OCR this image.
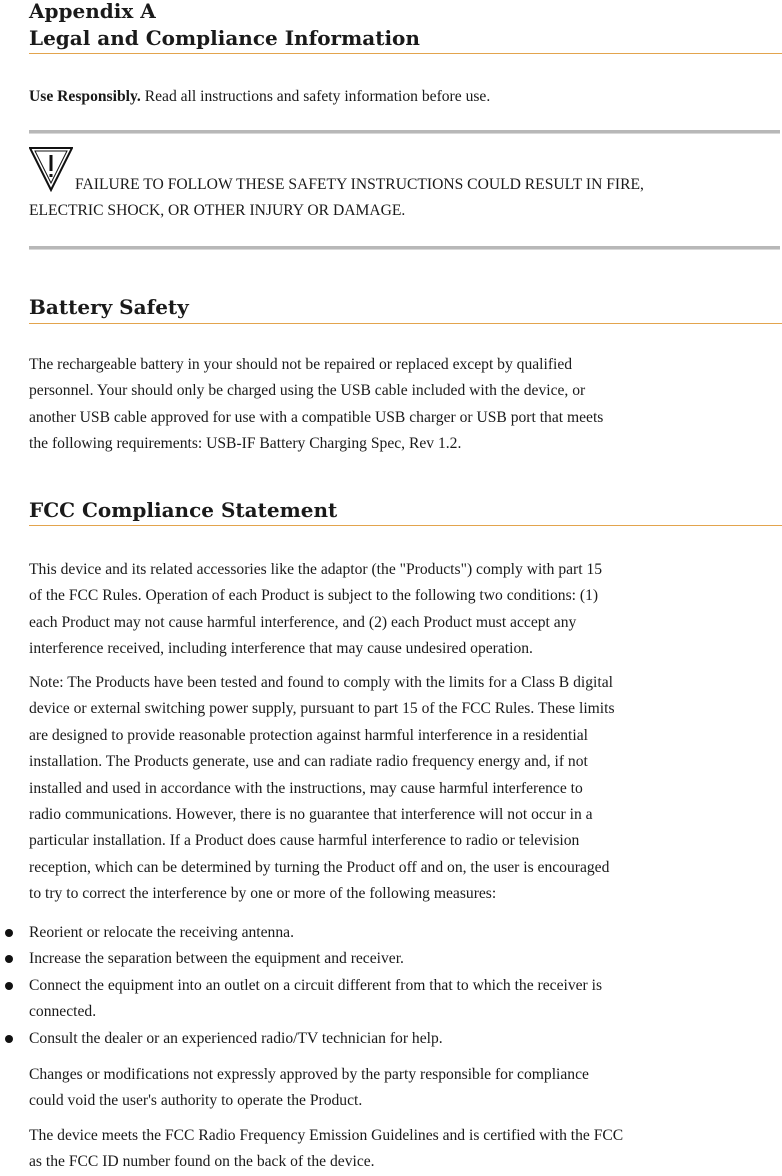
Appendix A
Legal and Compliance Information

Use Responsibly. Read all instructions and safety information before use.

FAILURE TO FOLLOW THESE SAFETY INSTRUCTIONS COULD RESULT IN FIRE,
ELECTRIC SHOCK, OR OTHER INJURY OR DAMAGE.

Battery Safety

The rechargeable battery in your should not be repaired or replaced except by qualified
personnel. Your should only be charged using the USB cable included with the device, or
another USB cable approved for use with a compatible USB charger or USB port that meets
the following requirements: USB-IF Battery Charging Spec, Rev 1.2.

FCC Compliance Statement

This device and its related accessories like the adaptor (the "Products") comply with part 15
of the FCC Rules. Operation of each Product is subject to the following two conditions: (1)
each Product may not cause harmful interference, and (2) each Product must accept any
interference received, including interference that may cause undesired operation.

Note: The Products have been tested and found to comply with the limits for a Class B digital
device or external switching power supply, pursuant to part 15 of the FCC Rules. These limits
are designed to provide reasonable protection against harmful interference in a residential
installation. The Products generate, use and can radiate radio frequency energy and, if not
installed and used in accordance with the instructions, may cause harmful interference to
radio communications. However, there is no guarantee that interference will not occur in a
particular installation. If a Product does cause harmful interference to radio or television
reception, which can be determined by turning the Product off and on, the user is encouraged
to try to correct the interference by one or more of the following measures:

Reorient or relocate the receiving antenna.
Increase the separation between the equipment and receiver.
Connect the equipment into an outlet on a circuit different from that to which the receiver is
connected.
Consult the dealer or an experienced radio/TV technician for help.

Changes or modifications not expressly approved by the party responsible for compliance
could void the user's authority to operate the Product.

The device meets the FCC Radio Frequency Emission Guidelines and is certified with the FCC
as the FCC ID number found on the back of the device.
